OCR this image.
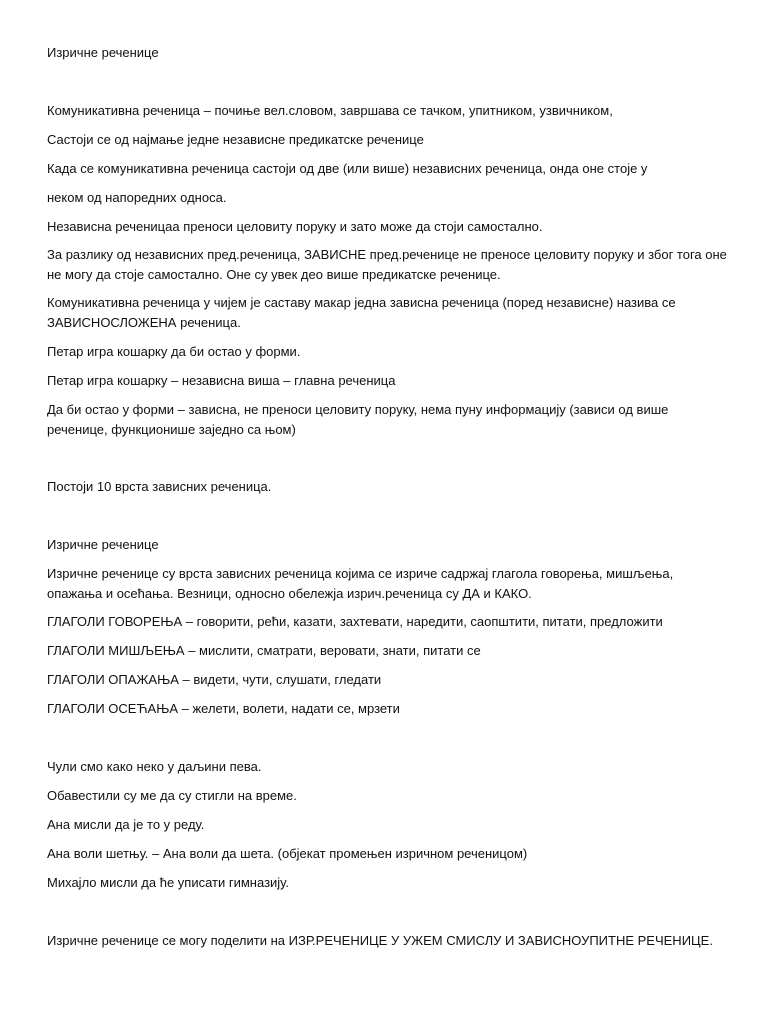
Изричне реченице

Комуникативна реченица – почиње вел.словом, завршава се тачком, упитником, узвичником,

Састоји се од најмање једне независне предикатске реченице

Када се комуникативна реченица састоји од две (или више) независних реченица, онда оне стоје у

неком од напоредних односа.

Независна реченицаа преноси целовиту поруку и зато може да стоји самостално.

За разлику од независних пред.реченица, ЗАВИСНЕ пред.реченице не преносе целовиту поруку и због тога оне не могу да стоје самостално. Оне су увек део више предикатске реченице.

Комуникативна реченица у чијем је саставу макар једна зависна реченица (поред независне) назива се ЗАВИСНОСЛОЖЕНА реченица.

Петар игра кошарку да би остао у форми.

Петар игра кошарку – независна виша – главна реченица

Да би остао у форми – зависна, не преноси целовиту поруку, нема пуну информацију (зависи од више реченице, функционише заједно са њом)

Постоји 10 врста зависних реченица.

Изричне реченице

Изричне реченице су врста зависних реченица којима се изриче садржај глагола говорења, мишљења, опажања и осећања. Везници, односно обележја изрич.реченица су ДА и КАКО.

ГЛАГОЛИ ГОВОРЕЊА – говорити, рећи, казати, захтевати, наредити, саопштити, питати, предложити

ГЛАГОЛИ МИШЉЕЊА – мислити, сматрати, веровати, знати, питати се

ГЛАГОЛИ ОПАЖАЊА – видети, чути, слушати, гледати

ГЛАГОЛИ ОСЕЋАЊА – желети, волети, надати се, мрзети

Чули смо како неко у даљини пева.

Обавестили су ме да су стигли на време.

Ана мисли да је то у реду.

Ана воли шетњу. – Ана воли да шета. (објекат промењен изричном реченицом)

Михајло мисли да ће уписати гимназију.

Изричне реченице се могу поделити на ИЗР.РЕЧЕНИЦЕ У УЖЕМ СМИСЛУ И ЗАВИСНОУПИТНЕ РЕЧЕНИЦЕ.
